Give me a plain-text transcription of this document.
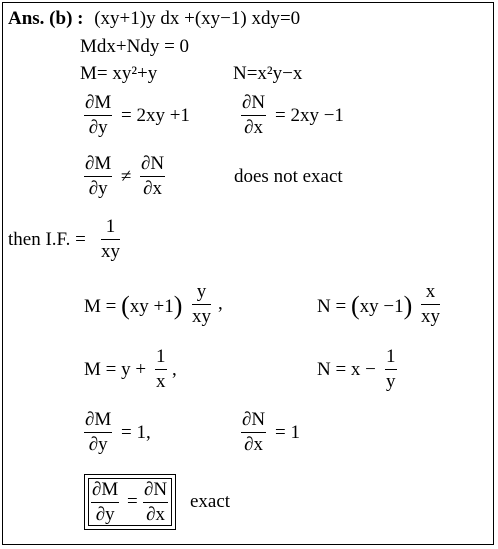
Ans. (b) : (xy+1)y dx +(xy−1) xdy=0
Mdx+Ndy = 0
M= xy²+y	N=x²y−x
$\frac{\partial M}{\partial y} = 2xy +1$	$\frac{\partial N}{\partial x} = 2xy -1$
$\frac{\partial M}{\partial y} \ne \frac{\partial N}{\partial x}$	does not exact
then I.F. = $\frac{1}{xy}$
$M = (xy +1) \frac{y}{xy}$ ,	$N = (xy -1) \frac{x}{xy}$
$M = y + \frac{1}{x}$ ,	$N = x - \frac{1}{y}$
$\frac{\partial M}{\partial y} = 1$,	$\frac{\partial N}{\partial x} = 1$
$\frac{\partial M}{\partial y} = \frac{\partial N}{\partial x}$ exact
